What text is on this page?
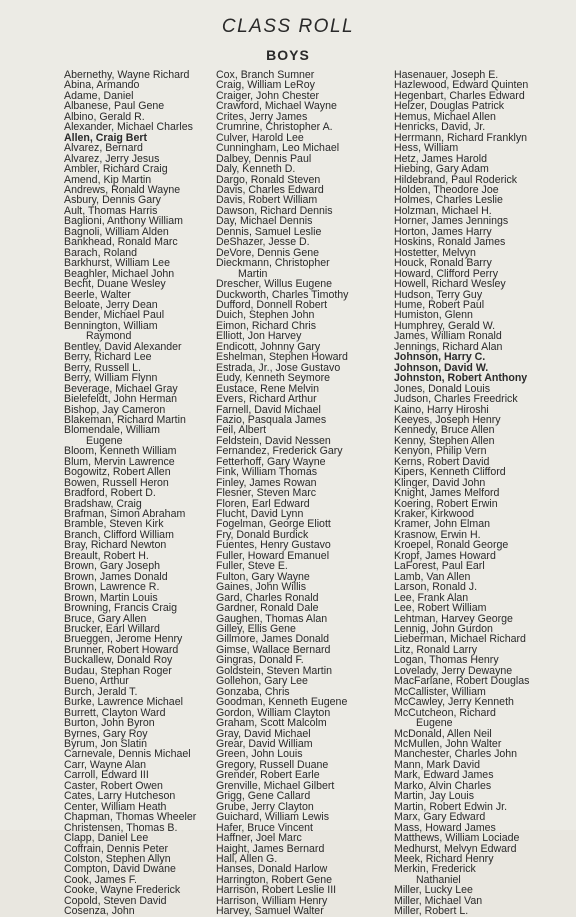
CLASS ROLL
BOYS
Abernethy, Wayne Richard
Abina, Armando
Adame, Daniel
Albanese, Paul Gene
Albino, Gerald R.
Alexander, Michael Charles
Allen, Craig Bert
Alvarez, Bernard
Alvarez, Jerry Jesus
Ambler, Richard Craig
Amend, Kip Martin
Andrews, Ronald Wayne
Asbury, Dennis Gary
Ault, Thomas Harris
Baglioni, Anthony William
Bagnoli, William Alden
Bankhead, Ronald Marc
Barach, Roland
Barkhurst, William Lee
Beaghler, Michael John
Becht, Duane Wesley
Beerle, Walter
Beloate, Jerry Dean
Bender, Michael Paul
Bennington, William
Raymond
Bentley, David Alexander
Berry, Richard Lee
Berry, Russell L.
Berry, William Flynn
Beverage, Michael Gray
Bielefeldt, John Herman
Bishop, Jay Cameron
Blakeman, Richard Martin
Blomendale, William
Eugene
Bloom, Kenneth William
Blum, Mervin Lawrence
Bogowitz, Robert Allen
Bowen, Russell Heron
Bradford, Robert D.
Bradshaw, Craig
Brafman, Simon Abraham
Bramble, Steven Kirk
Branch, Clifford William
Bray, Richard Newton
Breault, Robert H.
Brown, Gary Joseph
Brown, James Donald
Brown, Lawrence R.
Brown, Martin Louis
Browning, Francis Craig
Bruce, Gary Allen
Brucker, Earl Willard
Brueggen, Jerome Henry
Brunner, Robert Howard
Buckallew, Donald Roy
Budau, Stephan Roger
Bueno, Arthur
Burch, Jerald T.
Burke, Lawrence Michael
Burrett, Clayton Ward
Burton, John Byron
Byrnes, Gary Roy
Byrum, Jon Slatin
Carnevale, Dennis Michael
Carr, Wayne Alan
Carroll, Edward III
Caster, Robert Owen
Cates, Larry Hutcheson
Center, William Heath
Chapman, Thomas Wheeler
Christensen, Thomas B.
Clapp, Daniel Lee
Coffrain, Dennis Peter
Colston, Stephen Allyn
Compton, David Dwane
Cook, James F.
Cooke, Wayne Frederick
Copold, Steven David
Cosenza, John
Cox, Branch Sumner
Craig, William LeRoy
Craiger, John Chester
Crawford, Michael Wayne
Crites, Jerry James
Crumrine, Christopher A.
Culver, Harold Lee
Cunningham, Leo Michael
Dalbey, Dennis Paul
Daly, Kenneth D.
Dargo, Ronald Steven
Davis, Charles Edward
Davis, Robert William
Dawson, Richard Dennis
Day, Michael Dennis
Dennis, Samuel Leslie
DeShazer, Jesse D.
DeVore, Dennis Gene
Dieckmann, Christopher
Martin
Drescher, Willus Eugene
Duckworth, Charles Timothy
Dufford, Donnell Robert
Duich, Stephen John
Eimon, Richard Chris
Elliott, Jon Harvey
Endicott, Johnny Gary
Eshelman, Stephen Howard
Estrada, Jr., Jose Gustavo
Eudy, Kenneth Seymore
Eustace, Rene Melvin
Evers, Richard Arthur
Farnell, David Michael
Fazio, Pasquala James
Feil, Albert
Feldstein, David Nessen
Fernandez, Frederick Gary
Fetterhoff, Gary Wayne
Fink, William Thomas
Finley, James Rowan
Flesner, Steven Marc
Floren, Earl Edward
Flucht, David Lynn
Fogelman, George Eliott
Fry, Donald Burdick
Fuentes, Henry Gustavo
Fuller, Howard Emanuel
Fuller, Steve E.
Fulton, Gary Wayne
Gaines, John Willis
Gard, Charles Ronald
Gardner, Ronald Dale
Gaughen, Thomas Alan
Gilley, Ellis Gene
Gillmore, James Donald
Gimse, Wallace Bernard
Gingras, Donald F.
Goldstein, Steven Martin
Gollehon, Gary Lee
Gonzaba, Chris
Goodman, Kenneth Eugene
Gordon, William Clayton
Graham, Scott Malcolm
Gray, David Michael
Grear, David William
Green, John Louis
Gregory, Russell Duane
Grender, Robert Earle
Grenville, Michael Gilbert
Grigg, Gene Callard
Grube, Jerry Clayton
Guichard, William Lewis
Hafer, Bruce Vincent
Haffner, Joel Marc
Haight, James Bernard
Hall, Allen G.
Hanses, Donald Harlow
Harrington, Robert Gene
Harrison, Robert Leslie III
Harrison, William Henry
Harvey, Samuel Walter
Hasenauer, Joseph E.
Hazlewood, Edward Quinten
Hegenbart, Charles Edward
Helzer, Douglas Patrick
Hemus, Michael Allen
Henricks, David, Jr.
Herrmann, Richard Franklyn
Hess, William
Hetz, James Harold
Hiebing, Gary Adam
Hildebrand, Paul Roderick
Holden, Theodore Joe
Holmes, Charles Leslie
Holzman, Michael H.
Horner, James Jennings
Horton, James Harry
Hoskins, Ronald James
Hostetter, Melvyn
Houck, Ronald Barry
Howard, Clifford Perry
Howell, Richard Wesley
Hudson, Terry Guy
Hume, Robert Paul
Humiston, Glenn
Humphrey, Gerald W.
James, William Ronald
Jennings, Richard Alan
Johnson, Harry C.
Johnson, David W.
Johnston, Robert Anthony
Jones, Donald Louis
Judson, Charles Freedrick
Kaino, Harry Hiroshi
Keeyes, Joseph Henry
Kennedy, Bruce Allen
Kenny, Stephen Allen
Kenyon, Philip Vern
Kerns, Robert David
Kipers, Kenneth Clifford
Klinger, David John
Knight, James Melford
Koering, Robert Erwin
Kraker, Kirkwood
Kramer, John Elman
Krasnow, Erwin H.
Kroepel, Ronald George
Kropf, James Howard
LaForest, Paul Earl
Lamb, Van Allen
Larson, Ronald J.
Lee, Frank Alan
Lee, Robert William
Lehtman, Harvey George
Lennig, John Gurdon
Lieberman, Michael Richard
Litz, Ronald Larry
Logan, Thomas Henry
Lovelady, Jerry Dewayne
MacFarlane, Robert Douglas
McCallister, William
McCawley, Jerry Kenneth
McCutcheon, Richard
Eugene
McDonald, Allen Neil
McMullen, John Walter
Manchester, Charles John
Mann, Mark David
Mark, Edward James
Marko, Alvin Charles
Martin, Jay Louis
Martin, Robert Edwin Jr.
Marx, Gary Edward
Mass, Howard James
Matthews, William Lociade
Medhurst, Melvyn Edward
Meek, Richard Henry
Merkin, Frederick
Nathaniel
Miller, Lucky Lee
Miller, Michael Van
Miller, Robert L.
